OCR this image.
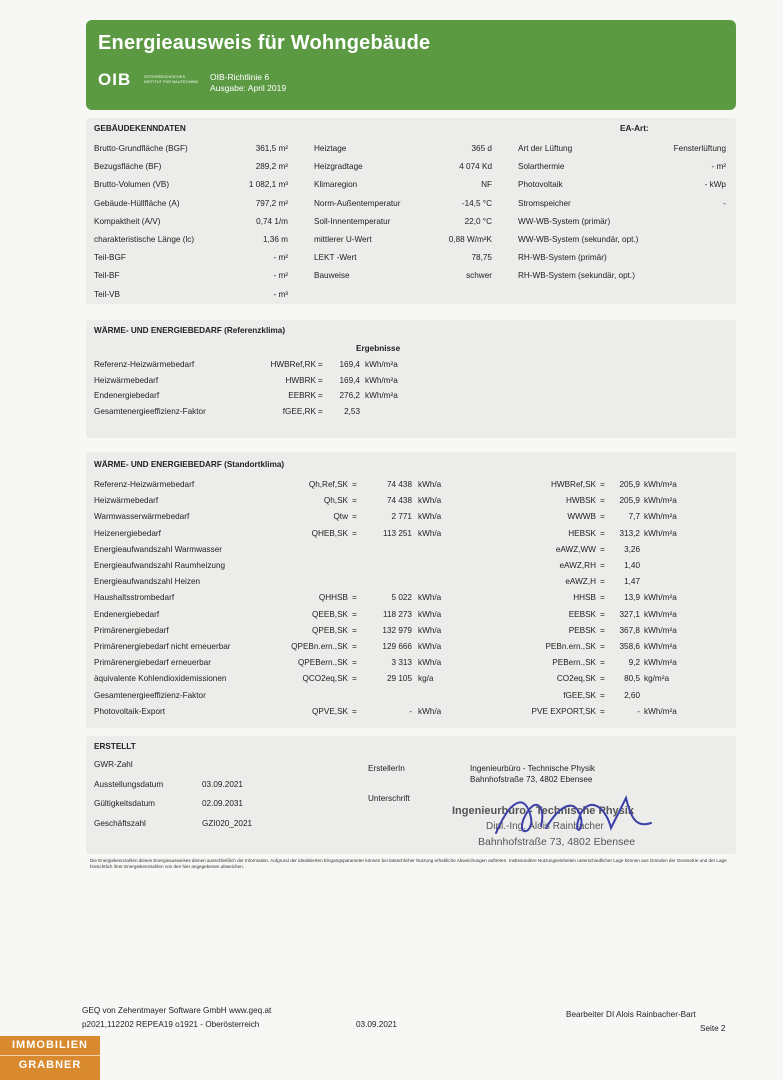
Energieausweis für Wohngebäude
OIB	ÖSTERREICHISCHES INSTITUT FÜR BAUTECHNIK	OIB-Richtlinie 6
Ausgabe: April 2019
GEBÄUDEKENNDATEN	EA-Art:
Brutto-Grundfläche (BGF)	361,5 m²
Bezugsfläche (BF)	289,2 m²
Brutto-Volumen (VB)	1 082,1 m³
Gebäude-Hüllfläche (A)	797,2 m²
Kompaktheit (A/V)	0,74 1/m
charakteristische Länge (lc)	1,36 m
Teil-BGF	- m²
Teil-BF	- m²
Teil-VB	- m³
Heiztage	365 d
Heizgradtage	4 074 Kd
Klimaregion	NF
Norm-Außentemperatur	-14,5 °C
Soll-Innentemperatur	22,0 °C
mittlerer U-Wert	0,88 W/m²K
LEKT -Wert	78,75
Bauweise	schwer
Art der Lüftung	Fensterlüftung
Solarthermie	- m²
Photovoltaik	- kWp
Stromspeicher	-
WW-WB-System (primär)
WW-WB-System (sekundär, opt.)
RH-WB-System (primär)
RH-WB-System (sekundär, opt.)
WÄRME- UND ENERGIEBEDARF (Referenzklima)
Ergebnisse
Referenz-Heizwärmebedarf	HWBRef,RK =	169,4 kWh/m²a
Heizwärmebedarf	HWBRK =	169,4 kWh/m²a
Endenergiebedarf	EEBRK =	276,2 kWh/m²a
Gesamtenergieeffizienz-Faktor	fGEE,RK =	2,53
WÄRME- UND ENERGIEBEDARF (Standortklima)
Referenz-Heizwärmebedarf	Qh,Ref,SK =	74 438 kWh/a	HWBRef,SK =	205,9 kWh/m²a
Heizwärmebedarf	Qh,SK =	74 438 kWh/a	HWBSK =	205,9 kWh/m²a
Warmwasserwärmebedarf	Qtw =	2 771 kWh/a	WWWB =	7,7 kWh/m²a
Heizenergiebedarf	QHEB,SK =	113 251 kWh/a	HEBSK =	313,2 kWh/m²a
Energieaufwandszahl Warmwasser	eAWZ,WW =	3,26
Energieaufwandszahl Raumheizung	eAWZ,RH =	1,40
Energieaufwandszahl Heizen	eAWZ,H =	1,47
Haushaltsstrombedarf	QHHSB =	5 022 kWh/a	HHSB =	13,9 kWh/m²a
Endenergiebedarf	QEEB,SK =	118 273 kWh/a	EEBSK =	327,1 kWh/m²a
Primärenergiebedarf	QPEB,SK =	132 979 kWh/a	PEBSK =	367,8 kWh/m²a
Primärenergiebedarf nicht erneuerbar	QPEBn.ern.,SK =	129 666 kWh/a	PEBn.ern.,SK =	358,6 kWh/m²a
Primärenergiebedarf erneuerbar	QPEBern.,SK =	3 313 kWh/a	PEBern.,SK =	9,2 kWh/m²a
äquivalente Kohlendioxidemissionen	QCO2eq,SK =	29 105 kg/a	CO2eq,SK =	80,5 kg/m²a
Gesamtenergieeffizienz-Faktor	fGEE,SK =	2,60
Photovoltaik-Export	QPVE,SK =	- kWh/a	PVE EXPORT,SK =	- kWh/m²a
ERSTELLT
GWR-Zahl
Ausstellungsdatum	03.09.2021
Gültigkeitsdatum	02.09.2031
Geschäftszahl	GZI020_2021
ErstellerIn	Ingenieurbüro - Technische Physik
Bahnhofstraße 73, 4802 Ebensee
Unterschrift
Ingenieurbüro - Technische Physik
Dipl.-Ing. Alois Rainbacher
Bahnhofstraße 73, 4802 Ebensee
Die Energiekennzahlen dieses Energieausweises dienen ausschließlich der Information. Aufgrund der idealisierten Eingangsparameter können bei tatsächlicher Nutzung erhebliche Abweichungen auftreten. Insbesondere Nutzungseinheiten unterschiedlicher Lage können aus Gründen der Geometrie und der Lage hinsichtlich ihrer Energiekennzahlen von den hier angegebenen abweichen.
GEQ von Zehentmayer Software GmbH www.geq.at
p2021,112202 REPEA19 o1921 - Oberösterreich	03.09.2021
Bearbeiter DI Alois Rainbacher-Bart
Seite 2
IMMOBILIEN
GRABNER
